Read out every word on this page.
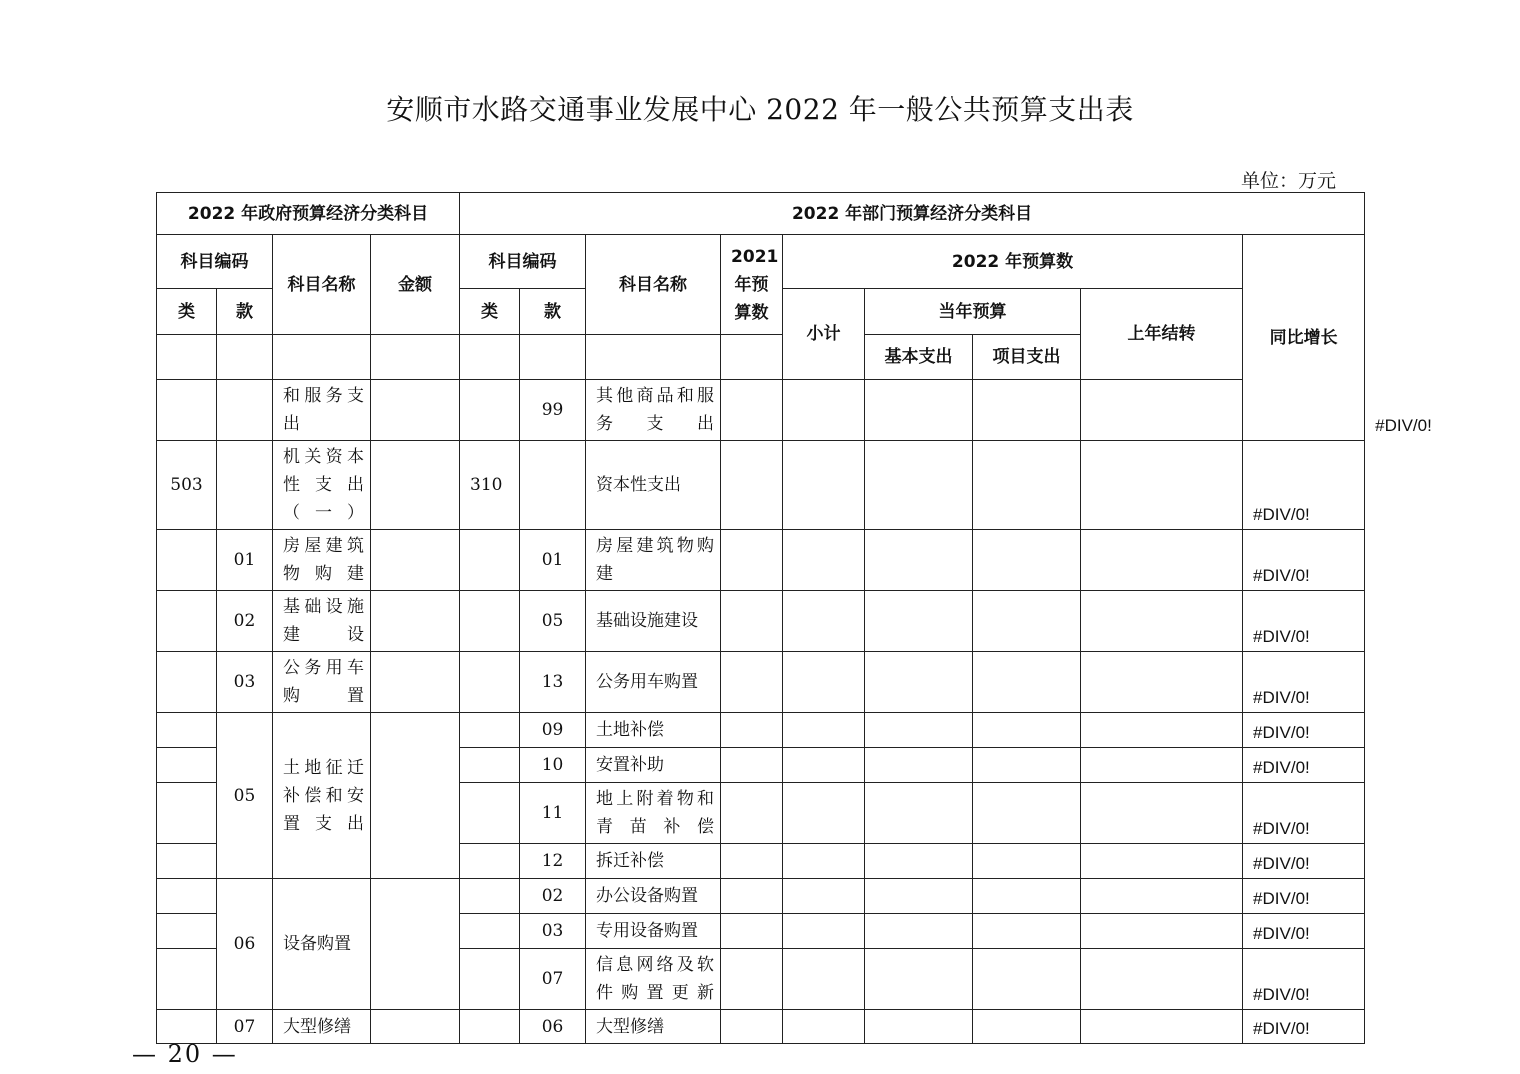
安顺市水路交通事业发展中心 2022 年一般公共预算支出表
单位：万元
2022 年政府预算经济分类科目				2022 年部门预算经济分类科目									
科目编码		科目名称	金额	科目编码		科目名称	2021 年预算数	2022 年预算数				同比增长	
类	款			类	款			小计	当年预算		上年结转		
									基本支出	项目支出			
		和服务支出			99	其他商品和服务支出							#DIV/0!
503		机关资本性支出（一）		310		资本性支出						#DIV/0!	
	01	房屋建筑物购建			01	房屋建筑物购建						#DIV/0!	
	02	基础设施建设			05	基础设施建设						#DIV/0!	
	03	公务用车购置			13	公务用车购置						#DIV/0!	
	05	土地征迁补偿和安置支出			09	土地补偿						#DIV/0!	
					10	安置补助						#DIV/0!	
					11	地上附着物和青苗补偿						#DIV/0!	
					12	拆迁补偿						#DIV/0!	
	06	设备购置			02	办公设备购置						#DIV/0!	
					03	专用设备购置						#DIV/0!	
					07	信息网络及软件购置更新						#DIV/0!	
	07	大型修缮			06	大型修缮						#DIV/0!	
— 20 —
